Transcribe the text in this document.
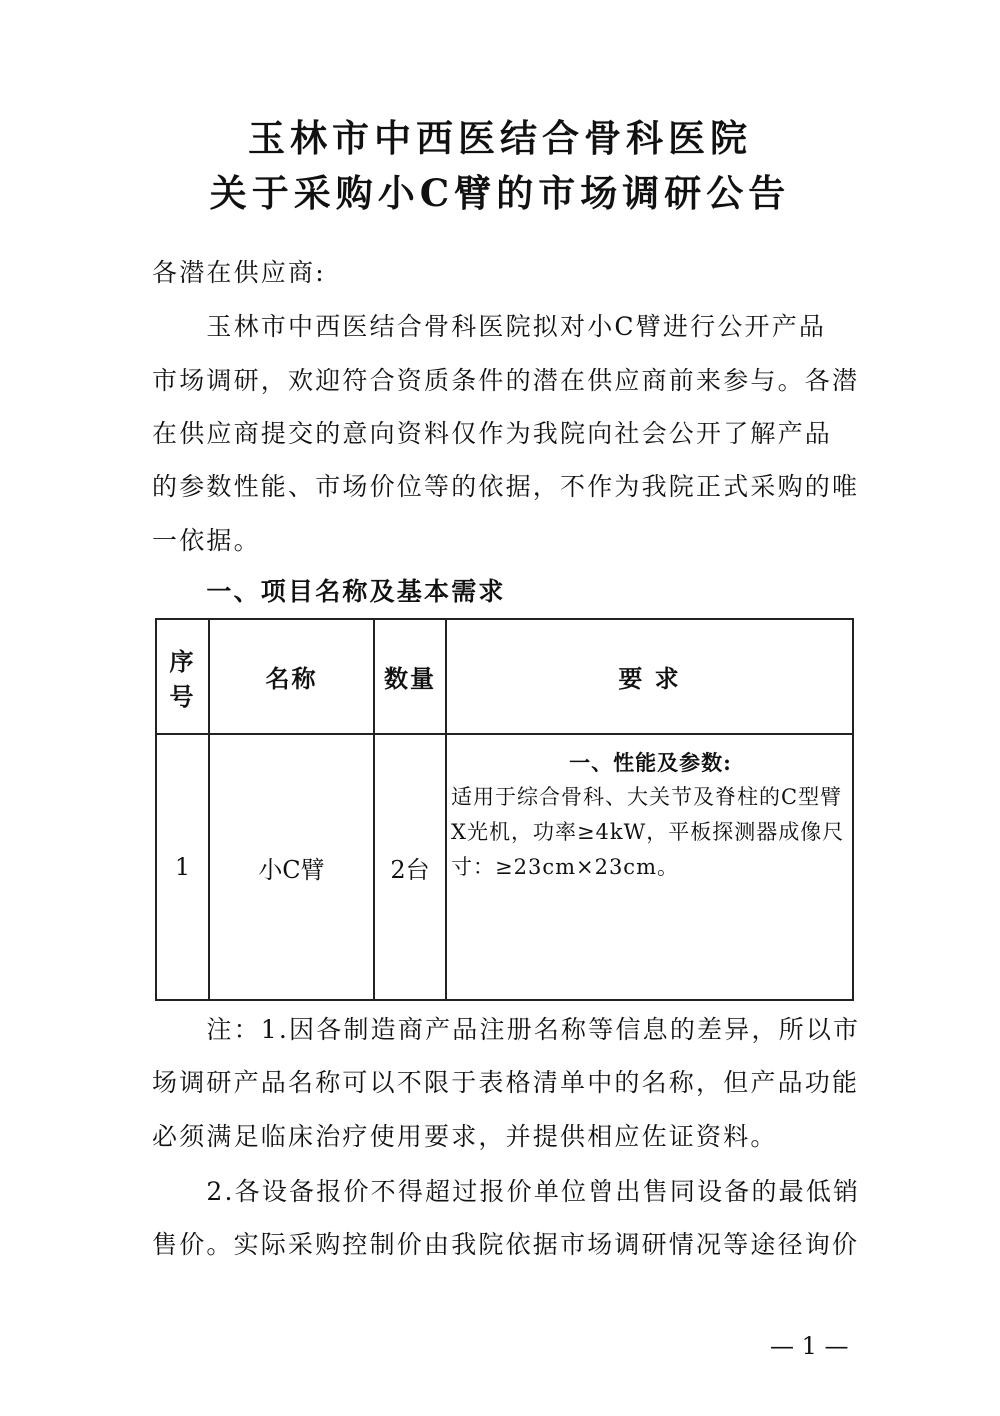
玉林市中西医结合骨科医院
关于采购小C臂的市场调研公告
各潜在供应商:
　　玉林市中西医结合骨科医院拟对小C臂进行公开产品
市场调研，欢迎符合资质条件的潜在供应商前来参与。各潜
在供应商提交的意向资料仅作为我院向社会公开了解产品
的参数性能、市场价位等的依据，不作为我院正式采购的唯
一依据。
　　一、项目名称及基本需求
序号	名称	数量	要 求
1	小C臂	2台	一、性能及参数:
适用于综合骨科、大关节及脊柱的C型臂X光机，功率≥4kW，平板探测器成像尺寸：≥23cm×23cm。
　　注：1.因各制造商产品注册名称等信息的差异，所以市
场调研产品名称可以不限于表格清单中的名称，但产品功能
必须满足临床治疗使用要求，并提供相应佐证资料。
　　2.各设备报价不得超过报价单位曾出售同设备的最低销
售价。实际采购控制价由我院依据市场调研情况等途径询价
— 1 —
